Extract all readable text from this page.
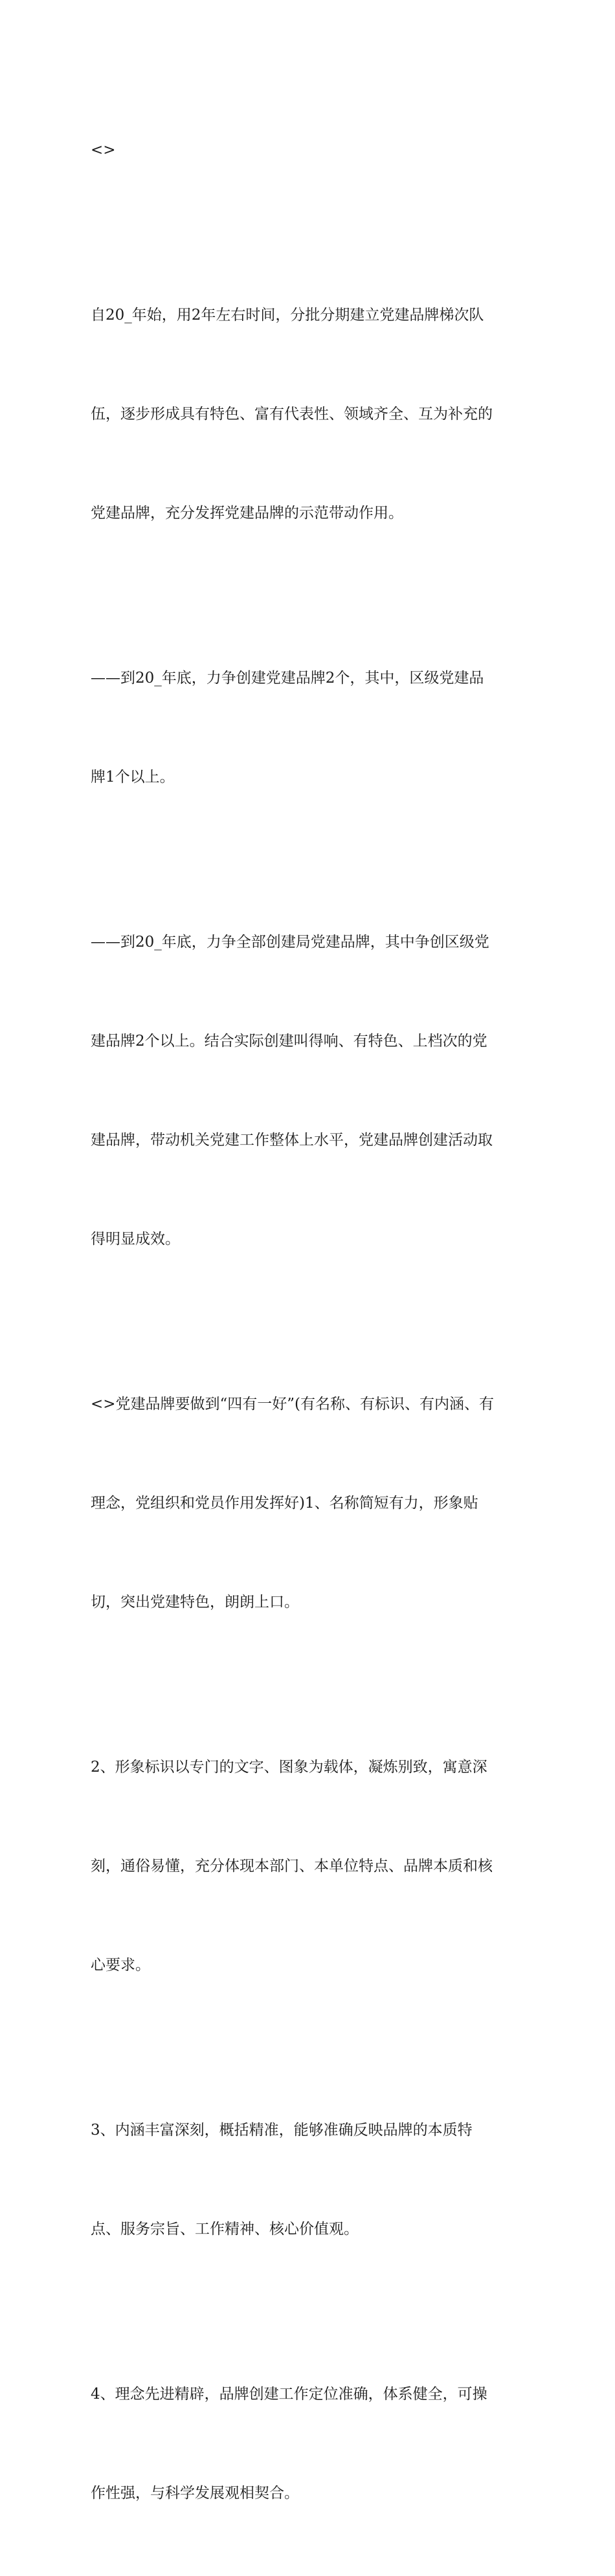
<>

自20_年始，用2年左右时间，分批分期建立党建品牌梯次队

伍，逐步形成具有特色、富有代表性、领域齐全、互为补充的

党建品牌，充分发挥党建品牌的示范带动作用。

——到20_年底，力争创建党建品牌2个，其中，区级党建品

牌1个以上。

——到20_年底，力争全部创建局党建品牌，其中争创区级党

建品牌2个以上。结合实际创建叫得响、有特色、上档次的党

建品牌，带动机关党建工作整体上水平，党建品牌创建活动取

得明显成效。

<>党建品牌要做到“四有一好”(有名称、有标识、有内涵、有

理念，党组织和党员作用发挥好)1、名称简短有力，形象贴

切，突出党建特色，朗朗上口。

2、形象标识以专门的文字、图象为载体，凝炼别致，寓意深

刻，通俗易懂，充分体现本部门、本单位特点、品牌本质和核

心要求。

3、内涵丰富深刻，概括精准，能够准确反映品牌的本质特

点、服务宗旨、工作精神、核心价值观。

4、理念先进精辟，品牌创建工作定位准确，体系健全，可操

作性强，与科学发展观相契合。
